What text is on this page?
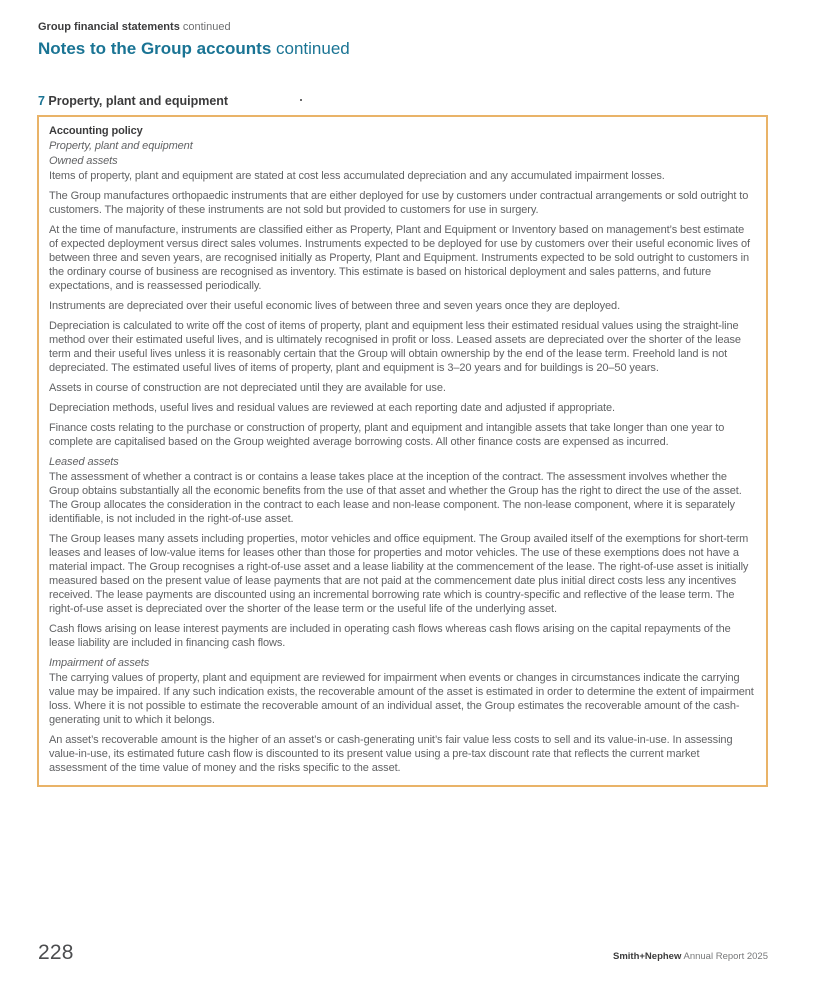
Group financial statements continued
Notes to the Group accounts continued
7 Property, plant and equipment

Accounting policy

Property, plant and equipment

Owned assets

Items of property, plant and equipment are stated at cost less accumulated depreciation and any accumulated impairment losses.

The Group manufactures orthopaedic instruments that are either deployed for use by customers under contractual arrangements or sold outright to customers. The majority of these instruments are not sold but provided to customers for use in surgery.

At the time of manufacture, instruments are classified either as Property, Plant and Equipment or Inventory based on management’s best estimate of expected deployment versus direct sales volumes. Instruments expected to be deployed for use by customers over their useful economic lives of between three and seven years, are recognised initially as Property, Plant and Equipment. Instruments expected to be sold outright to customers in the ordinary course of business are recognised as inventory. This estimate is based on historical deployment and sales patterns, and future expectations, and is reassessed periodically.

Instruments are depreciated over their useful economic lives of between three and seven years once they are deployed.

Depreciation is calculated to write off the cost of items of property, plant and equipment less their estimated residual values using the straight-line method over their estimated useful lives, and is ultimately recognised in profit or loss. Leased assets are depreciated over the shorter of the lease term and their useful lives unless it is reasonably certain that the Group will obtain ownership by the end of the lease term. Freehold land is not depreciated. The estimated useful lives of items of property, plant and equipment is 3–20 years and for buildings is 20–50 years.

Assets in course of construction are not depreciated until they are available for use.

Depreciation methods, useful lives and residual values are reviewed at each reporting date and adjusted if appropriate.

Finance costs relating to the purchase or construction of property, plant and equipment and intangible assets that take longer than one year to complete are capitalised based on the Group weighted average borrowing costs. All other finance costs are expensed as incurred.

Leased assets

The assessment of whether a contract is or contains a lease takes place at the inception of the contract. The assessment involves whether the Group obtains substantially all the economic benefits from the use of that asset and whether the Group has the right to direct the use of the asset. The Group allocates the consideration in the contract to each lease and non-lease component. The non-lease component, where it is separately identifiable, is not included in the right-of-use asset.

The Group leases many assets including properties, motor vehicles and office equipment. The Group availed itself of the exemptions for short-term leases and leases of low-value items for leases other than those for properties and motor vehicles. The use of these exemptions does not have a material impact. The Group recognises a right-of-use asset and a lease liability at the commencement of the lease. The right-of-use asset is initially measured based on the present value of lease payments that are not paid at the commencement date plus initial direct costs less any incentives received. The lease payments are discounted using an incremental borrowing rate which is country-specific and reflective of the lease term. The right-of-use asset is depreciated over the shorter of the lease term or the useful life of the underlying asset.

Cash flows arising on lease interest payments are included in operating cash flows whereas cash flows arising on the capital repayments of the lease liability are included in financing cash flows.

Impairment of assets

The carrying values of property, plant and equipment are reviewed for impairment when events or changes in circumstances indicate the carrying value may be impaired. If any such indication exists, the recoverable amount of the asset is estimated in order to determine the extent of impairment loss. Where it is not possible to estimate the recoverable amount of an individual asset, the Group estimates the recoverable amount of the cash-generating unit to which it belongs.

An asset’s recoverable amount is the higher of an asset’s or cash-generating unit’s fair value less costs to sell and its value-in-use. In assessing value-in-use, its estimated future cash flow is discounted to its present value using a pre-tax discount rate that reflects the current market assessment of the time value of money and the risks specific to the asset.

228	Smith+Nephew Annual Report 2025
